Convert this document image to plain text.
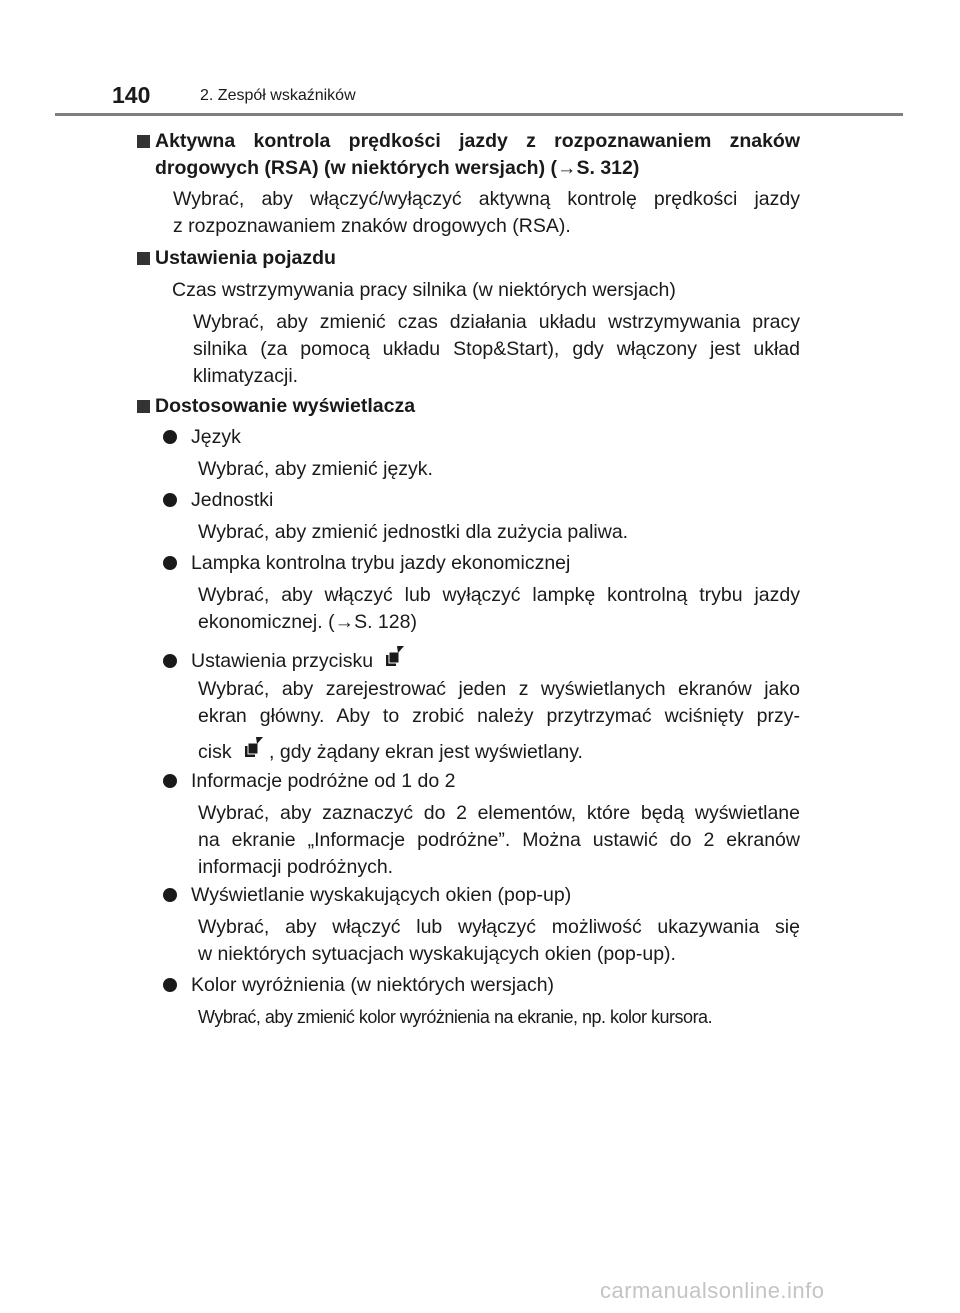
140	2. Zespół wskaźników
Aktywna kontrola prędkości jazdy z rozpoznawaniem znaków
drogowych (RSA) (w niektórych wersjach) (→S. 312)
Wybrać, aby włączyć/wyłączyć aktywną kontrolę prędkości jazdy
z rozpoznawaniem znaków drogowych (RSA).
Ustawienia pojazdu
Czas wstrzymywania pracy silnika (w niektórych wersjach)
Wybrać, aby zmienić czas działania układu wstrzymywania pracy
silnika (za pomocą układu Stop&Start), gdy włączony jest układ
klimatyzacji.
Dostosowanie wyświetlacza
Język
Wybrać, aby zmienić język.
Jednostki
Wybrać, aby zmienić jednostki dla zużycia paliwa.
Lampka kontrolna trybu jazdy ekonomicznej
Wybrać, aby włączyć lub wyłączyć lampkę kontrolną trybu jazdy
ekonomicznej. (→S. 128)
Ustawienia przycisku
Wybrać, aby zarejestrować jeden z wyświetlanych ekranów jako
ekran główny. Aby to zrobić należy przytrzymać wciśnięty przy-
cisk , gdy żądany ekran jest wyświetlany.
Informacje podróżne od 1 do 2
Wybrać, aby zaznaczyć do 2 elementów, które będą wyświetlane
na ekranie „Informacje podróżne”. Można ustawić do 2 ekranów
informacji podróżnych.
Wyświetlanie wyskakujących okien (pop-up)
Wybrać, aby włączyć lub wyłączyć możliwość ukazywania się
w niektórych sytuacjach wyskakujących okien (pop-up).
Kolor wyróżnienia (w niektórych wersjach)
Wybrać, aby zmienić kolor wyróżnienia na ekranie, np. kolor kursora.
carmanualsonline.info
